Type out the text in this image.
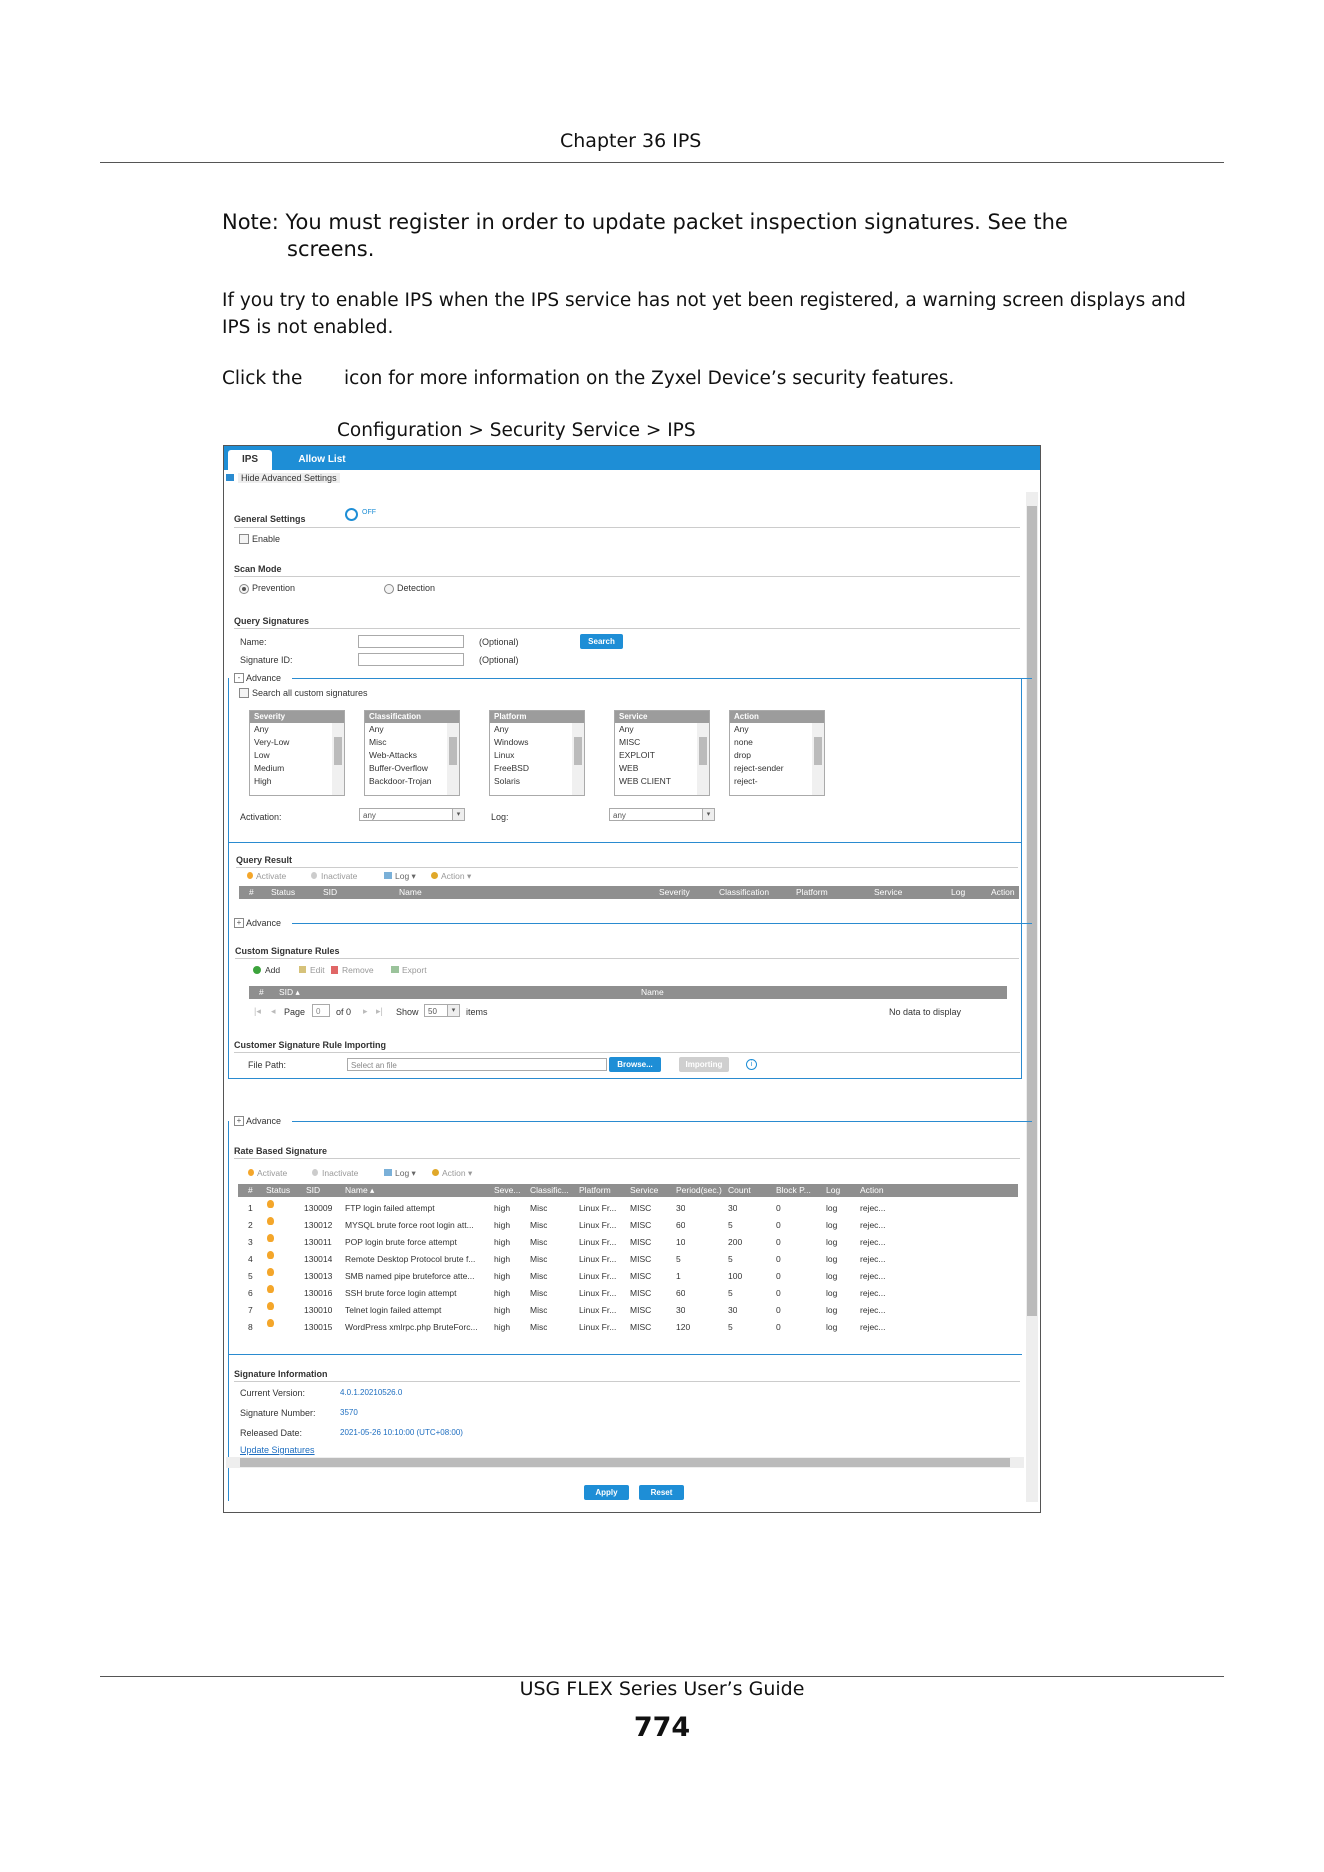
Chapter 36 IPS
Note: You must register in order to update packet inspection signatures. See the
screens.
If you try to enable IPS when the IPS service has not yet been registered, a warning screen displays and
IPS is not enabled.
Click the icon for more information on the Zyxel Device’s security features.
Configuration > Security Service > IPS
IPS	Allow List
Hide Advanced Settings
General Settings
OFF
Enable
Scan Mode
Prevention	Detection
Query Signatures
Name:	(Optional)	Search
Signature ID:	(Optional)
- Advance
Search all custom signatures
Severity
Any
Very-Low
Low
Medium
High
Classification
Any
Misc
Web-Attacks
Buffer-Overflow
Backdoor-Trojan
Platform
Any
Windows
Linux
FreeBSD
Solaris
Service
Any
MISC
EXPLOIT
WEB
WEB CLIENT
Action
Any
none
drop
reject-sender
reject-
Activation:	any	▾	Log:	any	▾
Query Result
Activate	Inactivate	Log ▾	Action ▾
# Status	SID	Name	Severity	Classification	Platform	Service	Log	Action
+ Advance
Custom Signature Rules
Add	Edit Remove	Export
# SID ▴	Name
|◂ ◂ Page	0	of 0 ▸ ▸| Show	50	▾	items	No data to display
Customer Signature Rule Importing
File Path:	Select an file	Browse...	Importing	i
+ Advance
Rate Based Signature
Activate	Inactivate	Log ▾	Action ▾
# Status SID	Name ▴	Seve... Classific... Platform Service Period(sec.) Count	Block P... Log Action
1	130009 FTP login failed attempt	high Misc	Linux Fr... MISC	30	30	0	log	rejec...
2	130012 MYSQL brute force root login att...	high Misc	Linux Fr... MISC	60	5	0	log	rejec...
3	130011 POP login brute force attempt	high Misc	Linux Fr... MISC	10	200	0	log	rejec...
4	130014 Remote Desktop Protocol brute f...	high Misc	Linux Fr... MISC	5	5	0	log	rejec...
5	130013 SMB named pipe bruteforce atte...	high Misc	Linux Fr... MISC	1	100	0	log	rejec...
6	130016 SSH brute force login attempt	high Misc	Linux Fr... MISC	60	5	0	log	rejec...
7	130010 Telnet login failed attempt	high Misc	Linux Fr... MISC	30	30	0	log	rejec...
8	130015 WordPress xmlrpc.php BruteForc...	high Misc	Linux Fr... MISC	120	5	0	log	rejec...
Signature Information
Current Version:	4.0.1.20210526.0
Signature Number:	3570
Released Date:	2021-05-26 10:10:00 (UTC+08:00)
Update Signatures
Apply	Reset
USG FLEX Series User’s Guide
774
